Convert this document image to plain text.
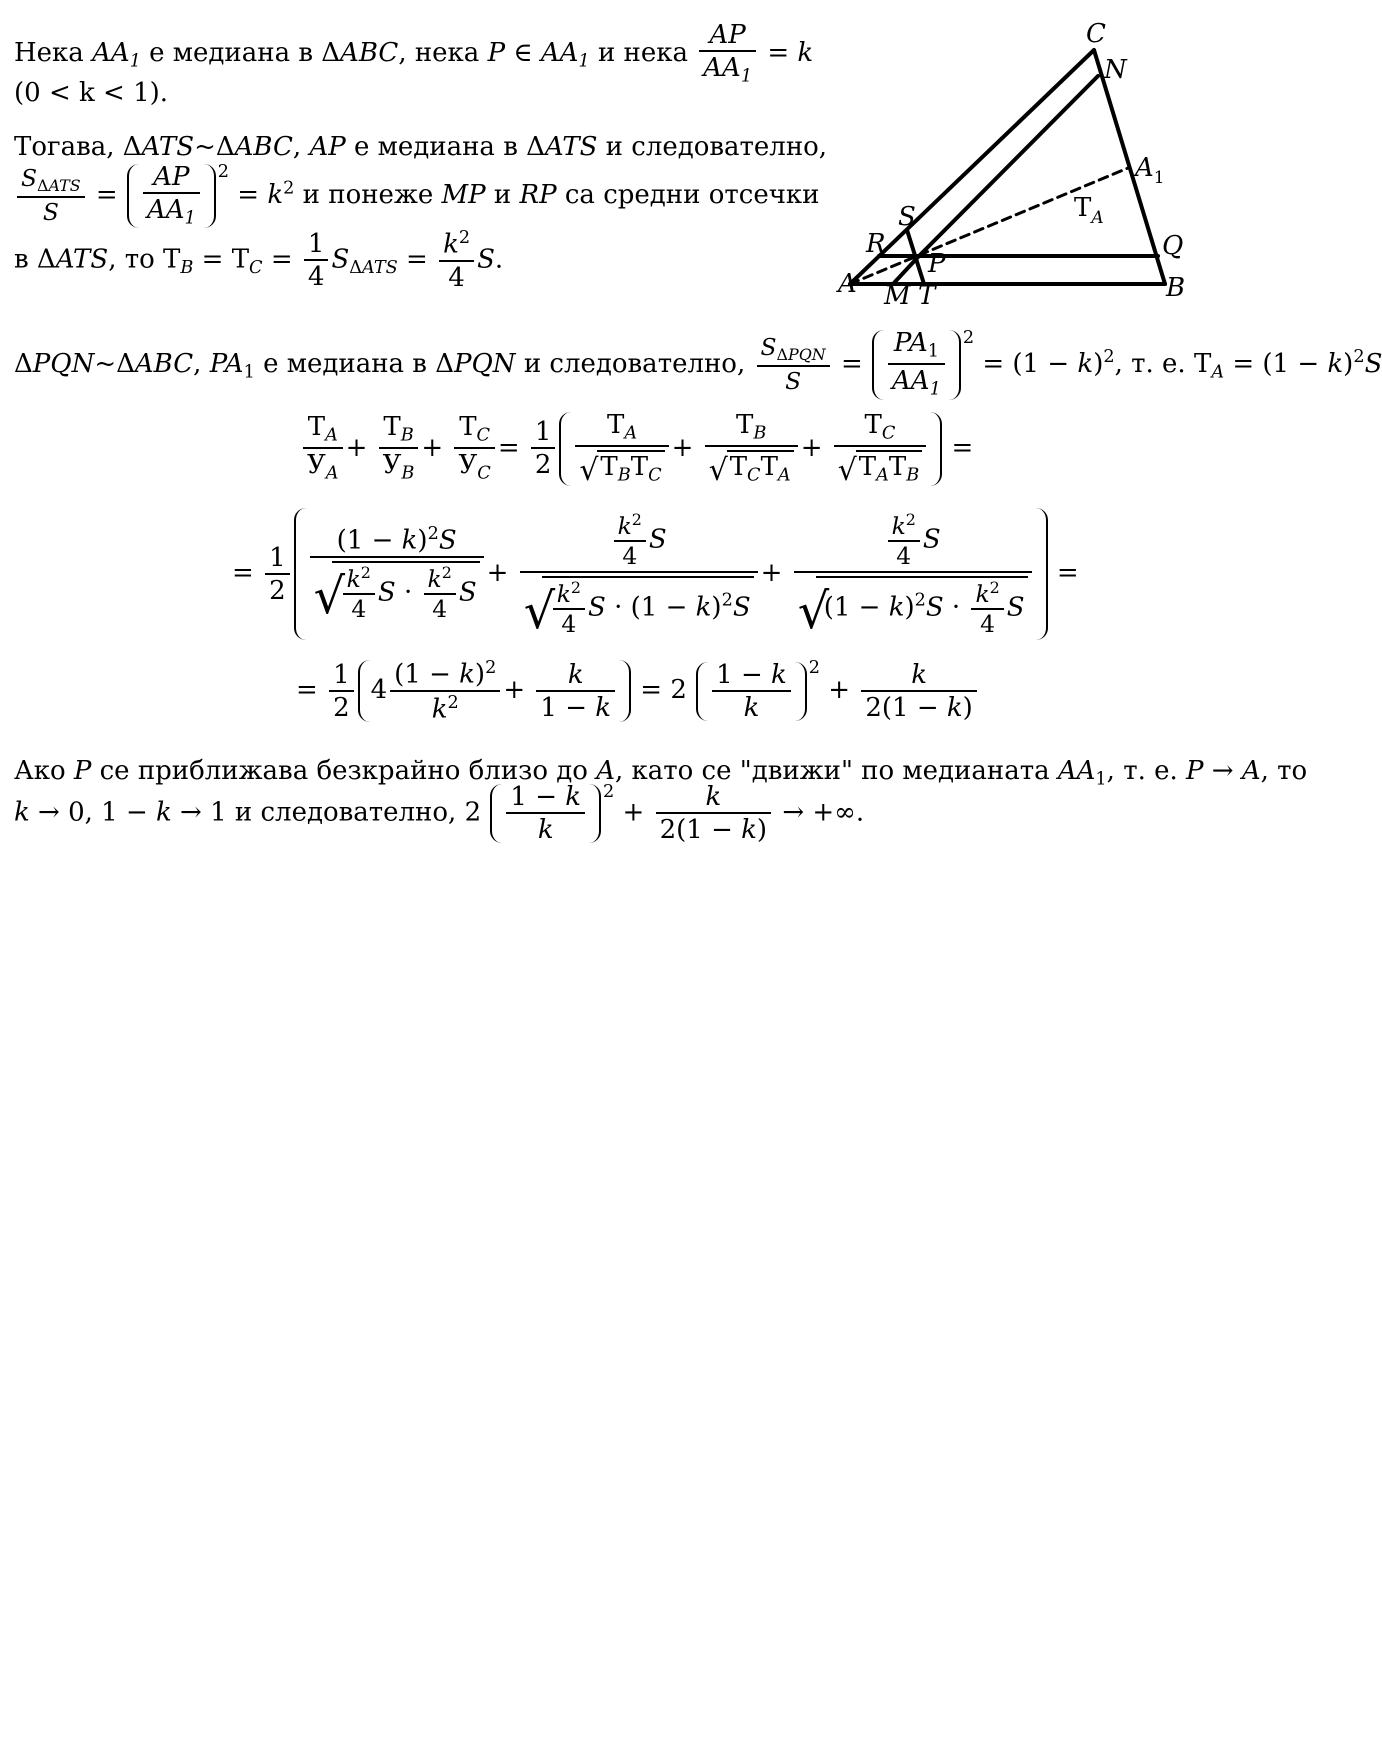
Нека $AA_1$ е медиана в ΔABC, нека P ∈ $AA_1$ и нека $\frac{AP}{AA_1} = k$
(0 < k < 1).
Тогава, ΔATS~ΔABC, AP е медиана в ΔATS и следователно,
$\frac{S_{\Delta ATS}}{S} = \frac{AP}{AA_1} 2 = k^2$ и понеже MP и RP са средни отсечки
в ΔATS, то $Т_B = Т_C = \frac{1}{4} S_{\Delta ATS} = \frac{k^2}{4} S$.
ΔPQN~ΔABC, $PA_1$ е медиана в ΔPQN и следователно, $\frac{S_{\Delta PQN}}{S} = \frac{PA_1}{AA_1} 2 = (1 - k)^2$, т. е. $Т_A = (1 - k)^2S$
$\frac{Т_A}{У_A} + \frac{Т_B}{У_B} + \frac{Т_C}{У_C} = \frac{1}{2} \frac{Т_A}{√ Т_BТ_C} + \frac{Т_B}{√ Т_CТ_A} + \frac{Т_C}{√ Т_AТ_B}$ =
= $\frac{1}{2} (1 - k)^2S$
√
$\frac{k^2}{4}$ $S \cdot \frac{k^2}{4}$ $S + \frac{k^2}{4}$ S
√
$\frac{k^2}{4}$ $S \cdot (1 - k)^2S + \frac{k^2}{4}$ S
√
$(1 - k)^2S \cdot \frac{k^2}{4}$ S =
= $\frac{1}{2} 4 \frac{(1 - k)^2}{k^2} + \frac{k}{1 - k} = 2 \frac{1 - k}{k} 2 + \frac{k}{2(1 - k)}$
Ако P се приближава безкрайно близо до A, като се "движи" по медианата $AA_1$, т. е. P → A, то
k → 0, 1 − k → 1 и следователно, $2 \frac{1 - k}{k} 2 + \frac{k}{2(1 - k)}$ → +∞.
C
N
$A_1$
$Т_A$
S
R
P
Q
A M T	B
